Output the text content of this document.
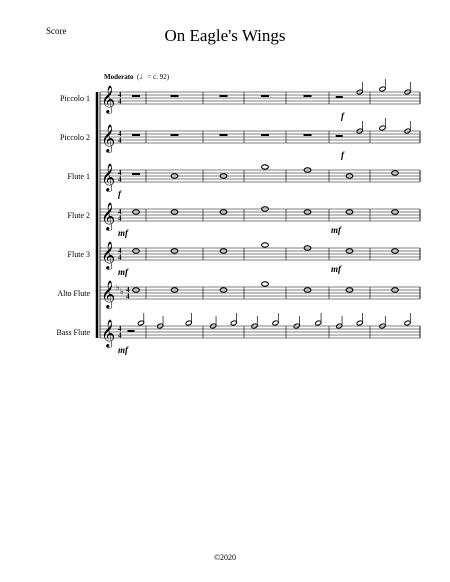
Score	On Eagle's Wings
Moderato  (♩= c. 92)
Piccolo 1 𝄞 4
4
f
Piccolo 2 𝄞 4
4
f
Flute 1 𝄞 4
4
f
Flute 2 𝄞 4
4
mf	mf
Flute 3 𝄞 4
4
mf	mf
Alto Flute 𝄞 ♭ ♭ 4
4
Bass Flute 𝄞 4
4
mf
©2020
